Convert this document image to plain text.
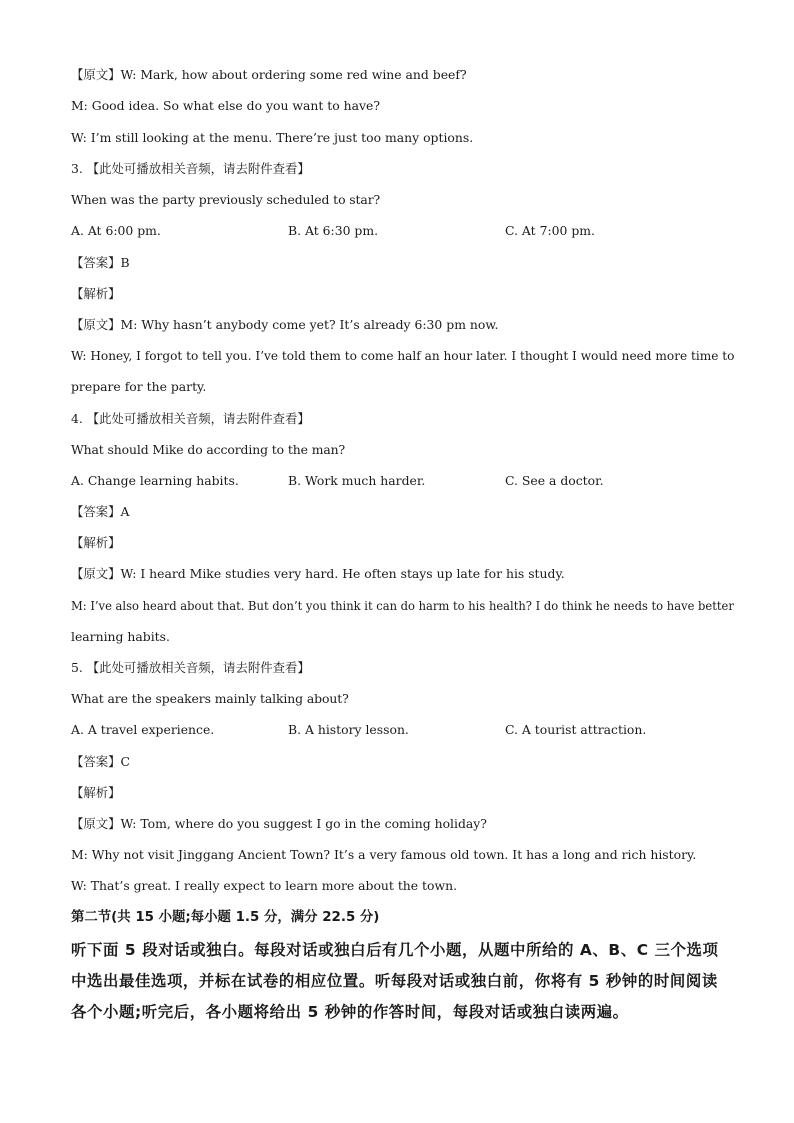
【原文】W: Mark, how about ordering some red wine and beef?
M: Good idea. So what else do you want to have?
W: I’m still looking at the menu. There’re just too many options.
3. 【此处可播放相关音频，请去附件查看】
When was the party previously scheduled to star?
A. At 6:00 pm.	B. At 6:30 pm.	C. At 7:00 pm.
【答案】B
【解析】
【原文】M: Why hasn’t anybody come yet? It’s already 6:30 pm now.
W: Honey, I forgot to tell you. I’ve told them to come half an hour later. I thought I would need more time to
prepare for the party.
4. 【此处可播放相关音频，请去附件查看】
What should Mike do according to the man?
A. Change learning habits.	B. Work much harder.	C. See a doctor.
【答案】A
【解析】
【原文】W: I heard Mike studies very hard. He often stays up late for his study.
M: I’ve also heard about that. But don’t you think it can do harm to his health? I do think he needs to have better
learning habits.
5. 【此处可播放相关音频，请去附件查看】
What are the speakers mainly talking about?
A. A travel experience.	B. A history lesson.	C. A tourist attraction.
【答案】C
【解析】
【原文】W: Tom, where do you suggest I go in the coming holiday?
M: Why not visit Jinggang Ancient Town? It’s a very famous old town. It has a long and rich history.
W: That’s great. I really expect to learn more about the town.
第二节(共 15 小题;每小题 1.5 分，满分 22.5 分)
听下面 5 段对话或独白。每段对话或独白后有几个小题，从题中所给的 A、B、C 三个选项
中选出最佳选项，并标在试卷的相应位置。听每段对话或独白前，你将有 5 秒钟的时间阅读
各个小题;听完后，各小题将给出 5 秒钟的作答时间，每段对话或独白读两遍。
